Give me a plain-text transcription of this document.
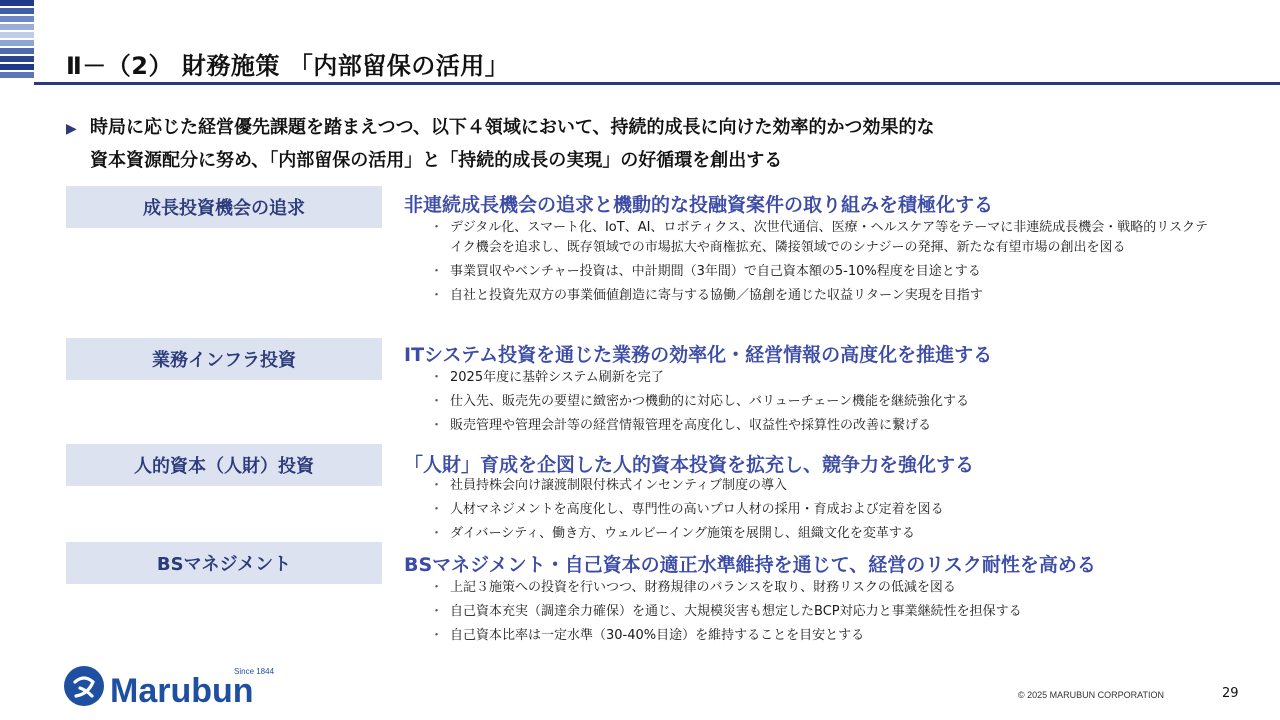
Ⅱ－（2） 財務施策 「内部留保の活用」
▶ 時局に応じた経営優先課題を踏まえつつ、以下４領域において、持続的成長に向けた効率的かつ効果的な
資本資源配分に努め、「内部留保の活用」と「持続的成長の実現」の好循環を創出する
成長投資機会の追求	非連続成長機会の追求と機動的な投融資案件の取り組みを積極化する
・ デジタル化、スマート化、IoT、AI、ロボティクス、次世代通信、医療・ヘルスケア等をテーマに非連続成長機会・戦略的リスクテイク機会を追求し、既存領域での市場拡大や商権拡充、隣接領域でのシナジーの発揮、新たな有望市場の創出を図る
・ 事業買収やベンチャー投資は、中計期間（3年間）で自己資本額の5-10%程度を目途とする
・ 自社と投資先双方の事業価値創造に寄与する協働／協創を通じた収益リターン実現を目指す
業務インフラ投資	ITシステム投資を通じた業務の効率化・経営情報の高度化を推進する
・ 2025年度に基幹システム刷新を完了
・ 仕入先、販売先の要望に緻密かつ機動的に対応し、バリューチェーン機能を継続強化する
・ 販売管理や管理会計等の経営情報管理を高度化し、収益性や採算性の改善に繋げる
人的資本（人財）投資	「人財」育成を企図した人的資本投資を拡充し、競争力を強化する
・ 社員持株会向け譲渡制限付株式インセンティブ制度の導入
・ 人材マネジメントを高度化し、専門性の高いプロ人材の採用・育成および定着を図る
・ ダイバーシティ、働き方、ウェルビーイング施策を展開し、組織文化を変革する
BSマネジメント	BSマネジメント・自己資本の適正水準維持を通じて、経営のリスク耐性を高める
・ 上記３施策への投資を行いつつ、財務規律のバランスを取り、財務リスクの低減を図る
・ 自己資本充実（調達余力確保）を通じ、大規模災害も想定したBCP対応力と事業継続性を担保する
・ 自己資本比率は一定水準（30-40%目途）を維持することを目安とする
Marubun
Since 1844
© 2025 MARUBUN CORPORATION	29
